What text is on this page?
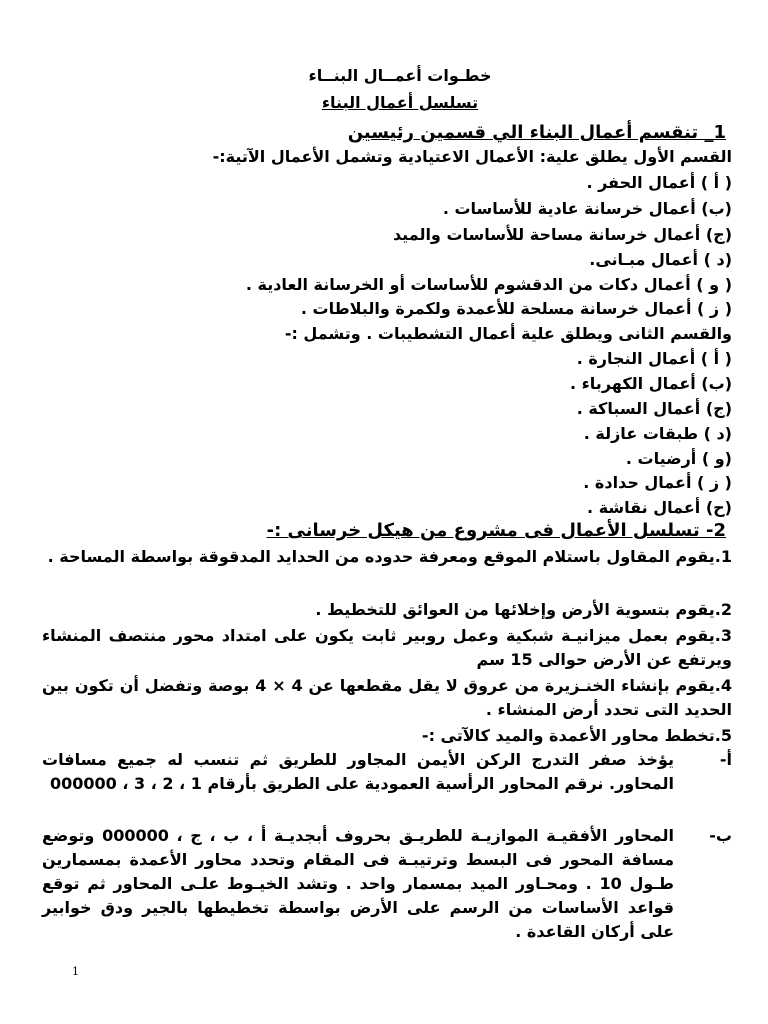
خطـوات أعمــال البنــاء
تسلسل أعمال البناء
1_ تنقسم أعمال البناء الي قسمين رئيسين
القسم الأول يطلق علية: الأعمال الاعتيادية وتشمل الأعمال الآتية:-
( أ ) أعمال الحفر .
(ب) أعمال خرسانة عادية للأساسات .
(ج) أعمال خرسانة مساحة للأساسات والميد
(د ) أعمال مبـانى.
( و ) أعمال دكات من الدقشوم للأساسات أو الخرسانة العادية .
( ز ) أعمال خرسانة مسلحة للأعمدة ولكمرة والبلاطات .
والقسم الثانى ويطلق علية أعمال التشطيبات . وتشمل :-
( أ ) أعمال النجارة .
(ب) أعمال الكهرباء .
(ج) أعمال السباكة .
(د ) طبقات عازلة .
(و ) أرضيات .
( ز ) أعمال حدادة .
(ح) أعمال نقاشة .
2- تسلسل الأعمال فى مشروع من هيكل خرسانى :-
1.يقوم المقاول باستلام الموقع ومعرفة حدوده من الحدايد المدقوقة بواسطة المساحة .
2.يقوم بتسوية الأرض وإخلائها من العوائق للتخطيط .
3.يقوم بعمل ميزانيـة شبكية وعمل روبير ثابت يكون على امتداد محور منتصف المنشاء ويرتفع عن الأرض حوالى 15 سم
4.يقوم بإنشاء الخنـزيرة من عروق لا يقل مقطعها عن 4 × 4 بوصة وتفضل أن تكون بين الحديد التى تحدد أرض المنشاء .
5.تخطط محاور الأعمدة والميد كالآتى :-
أ-
يؤخذ صفر التدرج الركن الأيمن المجاور للطريق ثم تنسب له جميع مسافات المحاور. نرقم المحاور الرأسية العمودية على الطريق بأرقام 1 ، 2 ، 3 ، 000000
ب-
المحاور الأفقيـة الموازيـة للطريـق بحروف أبجديـة أ ، ب ، ج ، 000000 وتوضع مسافة المحور فى البسط وترتيبـة فى المقام وتحدد محاور الأعمدة بمسمارين طـول 10 . ومحـاور الميد بمسمار واحد . وتشد الخيـوط علـى المحاور ثم توقع قواعد الأساسات من الرسم على الأرض بواسطة تخطيطها بالجير ودق خوابير على أركان القاعدة .
1
